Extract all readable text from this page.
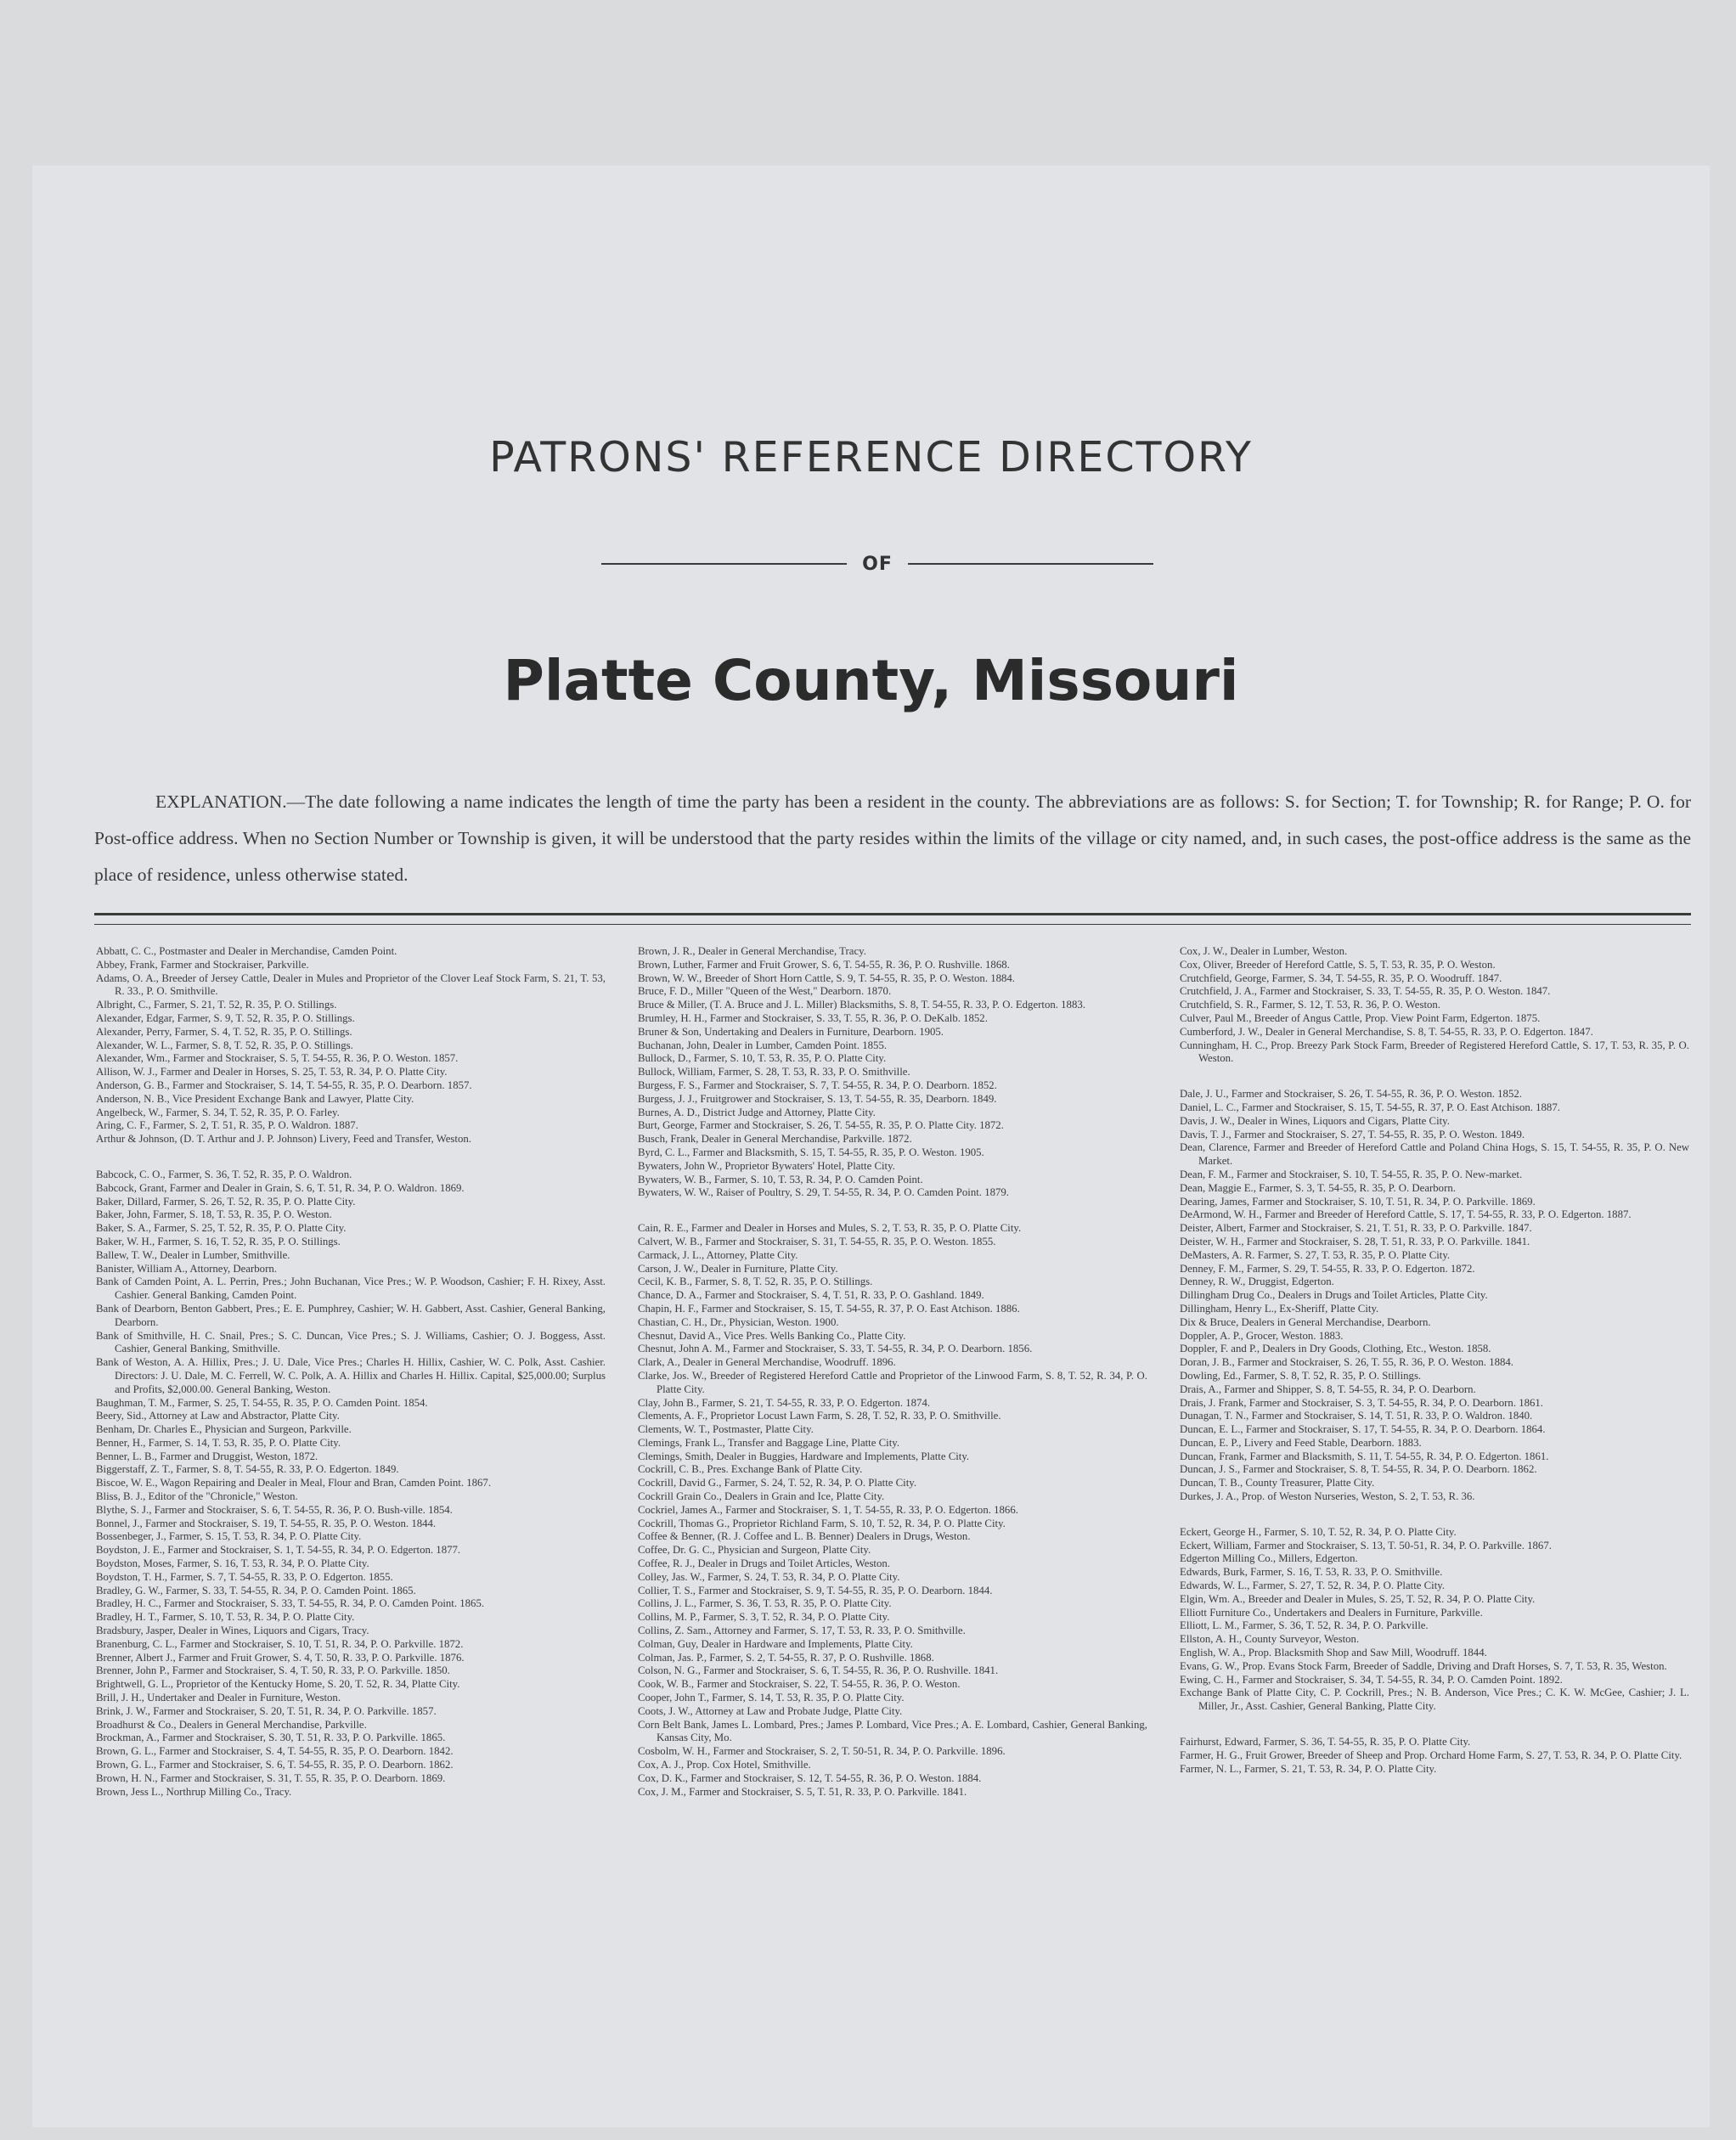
PATRONS' REFERENCE DIRECTORY
OF
Platte County, Missouri

EXPLANATION.—The date following a name indicates the length of time the party has been a resident in the county. The abbreviations are as follows: S. for Section; T. for Township; R. for Range; P. O. for Post-office address. When no Section Number or Township is given, it will be understood that the party resides within the limits of the village or city named, and, in such cases, the post-office address is the same as the place of residence, unless otherwise stated.

Abbatt, C. C., Postmaster and Dealer in Merchandise, Camden Point.
Abbey, Frank, Farmer and Stockraiser, Parkville.
Adams, O. A., Breeder of Jersey Cattle, Dealer in Mules and Proprietor of the Clover Leaf Stock Farm, S. 21, T. 53, R. 33., P. O. Smithville.
Albright, C., Farmer, S. 21, T. 52, R. 35, P. O. Stillings.
Alexander, Edgar, Farmer, S. 9, T. 52, R. 35, P. O. Stillings.
Alexander, Perry, Farmer, S. 4, T. 52, R. 35, P. O. Stillings.
Alexander, W. L., Farmer, S. 8, T. 52, R. 35, P. O. Stillings.
Alexander, Wm., Farmer and Stockraiser, S. 5, T. 54-55, R. 36, P. O. Weston. 1857.
Allison, W. J., Farmer and Dealer in Horses, S. 25, T. 53, R. 34, P. O. Platte City.
Anderson, G. B., Farmer and Stockraiser, S. 14, T. 54-55, R. 35, P. O. Dearborn. 1857.
Anderson, N. B., Vice President Exchange Bank and Lawyer, Platte City.
Angelbeck, W., Farmer, S. 34, T. 52, R. 35, P. O. Farley.
Aring, C. F., Farmer, S. 2, T. 51, R. 35, P. O. Waldron. 1887.
Arthur & Johnson, (D. T. Arthur and J. P. Johnson) Livery, Feed and Transfer, Weston.
Babcock, C. O., Farmer, S. 36, T. 52, R. 35, P. O. Waldron.
Babcock, Grant, Farmer and Dealer in Grain, S. 6, T. 51, R. 34, P. O. Waldron. 1869.
Baker, Dillard, Farmer, S. 26, T. 52, R. 35, P. O. Platte City.
Baker, John, Farmer, S. 18, T. 53, R. 35, P. O. Weston.
Baker, S. A., Farmer, S. 25, T. 52, R. 35, P. O. Platte City.
Baker, W. H., Farmer, S. 16, T. 52, R. 35, P. O. Stillings.
Ballew, T. W., Dealer in Lumber, Smithville.
Banister, William A., Attorney, Dearborn.
Bank of Camden Point, A. L. Perrin, Pres.; John Buchanan, Vice Pres.; W. P. Woodson, Cashier; F. H. Rixey, Asst. Cashier. General Banking, Camden Point.
Bank of Dearborn, Benton Gabbert, Pres.; E. E. Pumphrey, Cashier; W. H. Gabbert, Asst. Cashier, General Banking, Dearborn.
Bank of Smithville, H. C. Snail, Pres.; S. C. Duncan, Vice Pres.; S. J. Williams, Cashier; O. J. Boggess, Asst. Cashier, General Banking, Smithville.
Bank of Weston, A. A. Hillix, Pres.; J. U. Dale, Vice Pres.; Charles H. Hillix, Cashier, W. C. Polk, Asst. Cashier. Directors: J. U. Dale, M. C. Ferrell, W. C. Polk, A. A. Hillix and Charles H. Hillix. Capital, $25,000.00; Surplus and Profits, $2,000.00. General Banking, Weston.
Baughman, T. M., Farmer, S. 25, T. 54-55, R. 35, P. O. Camden Point. 1854.
Beery, Sid., Attorney at Law and Abstractor, Platte City.
Benham, Dr. Charles E., Physician and Surgeon, Parkville.
Benner, H., Farmer, S. 14, T. 53, R. 35, P. O. Platte City.
Benner, L. B., Farmer and Druggist, Weston, 1872.
Biggerstaff, Z. T., Farmer, S. 8, T. 54-55, R. 33, P. O. Edgerton. 1849.
Biscoe, W. E., Wagon Repairing and Dealer in Meal, Flour and Bran, Camden Point. 1867.
Bliss, B. J., Editor of the "Chronicle," Weston.
Blythe, S. J., Farmer and Stockraiser, S. 6, T. 54-55, R. 36, P. O. Bush-ville. 1854.
Bonnel, J., Farmer and Stockraiser, S. 19, T. 54-55, R. 35, P. O. Weston. 1844.
Bossenbeger, J., Farmer, S. 15, T. 53, R. 34, P. O. Platte City.
Boydston, J. E., Farmer and Stockraiser, S. 1, T. 54-55, R. 34, P. O. Edgerton. 1877.
Boydston, Moses, Farmer, S. 16, T. 53, R. 34, P. O. Platte City.
Boydston, T. H., Farmer, S. 7, T. 54-55, R. 33, P. O. Edgerton. 1855.
Bradley, G. W., Farmer, S. 33, T. 54-55, R. 34, P. O. Camden Point. 1865.
Bradley, H. C., Farmer and Stockraiser, S. 33, T. 54-55, R. 34, P. O. Camden Point. 1865.
Bradley, H. T., Farmer, S. 10, T. 53, R. 34, P. O. Platte City.
Bradsbury, Jasper, Dealer in Wines, Liquors and Cigars, Tracy.
Branenburg, C. L., Farmer and Stockraiser, S. 10, T. 51, R. 34, P. O. Parkville. 1872.
Brenner, Albert J., Farmer and Fruit Grower, S. 4, T. 50, R. 33, P. O. Parkville. 1876.
Brenner, John P., Farmer and Stockraiser, S. 4, T. 50, R. 33, P. O. Parkville. 1850.
Brightwell, G. L., Proprietor of the Kentucky Home, S. 20, T. 52, R. 34, Platte City.
Brill, J. H., Undertaker and Dealer in Furniture, Weston.
Brink, J. W., Farmer and Stockraiser, S. 20, T. 51, R. 34, P. O. Parkville. 1857.
Broadhurst & Co., Dealers in General Merchandise, Parkville.
Brockman, A., Farmer and Stockraiser, S. 30, T. 51, R. 33, P. O. Parkville. 1865.
Brown, G. L., Farmer and Stockraiser, S. 4, T. 54-55, R. 35, P. O. Dearborn. 1842.
Brown, G. L., Farmer and Stockraiser, S. 6, T. 54-55, R. 35, P. O. Dearborn. 1862.
Brown, H. N., Farmer and Stockraiser, S. 31, T. 55, R. 35, P. O. Dearborn. 1869.
Brown, Jess L., Northrup Milling Co., Tracy.
Brown, J. R., Dealer in General Merchandise, Tracy.
Brown, Luther, Farmer and Fruit Grower, S. 6, T. 54-55, R. 36, P. O. Rushville. 1868.
Brown, W. W., Breeder of Short Horn Cattle, S. 9, T. 54-55, R. 35, P. O. Weston. 1884.
Bruce, F. D., Miller "Queen of the West," Dearborn. 1870.
Bruce & Miller, (T. A. Bruce and J. L. Miller) Blacksmiths, S. 8, T. 54-55, R. 33, P. O. Edgerton. 1883.
Brumley, H. H., Farmer and Stockraiser, S. 33, T. 55, R. 36, P. O. DeKalb. 1852.
Bruner & Son, Undertaking and Dealers in Furniture, Dearborn. 1905.
Buchanan, John, Dealer in Lumber, Camden Point. 1855.
Bullock, D., Farmer, S. 10, T. 53, R. 35, P. O. Platte City.
Bullock, William, Farmer, S. 28, T. 53, R. 33, P. O. Smithville.
Burgess, F. S., Farmer and Stockraiser, S. 7, T. 54-55, R. 34, P. O. Dearborn. 1852.
Burgess, J. J., Fruitgrower and Stockraiser, S. 13, T. 54-55, R. 35, Dearborn. 1849.
Burnes, A. D., District Judge and Attorney, Platte City.
Burt, George, Farmer and Stockraiser, S. 26, T. 54-55, R. 35, P. O. Platte City. 1872.
Busch, Frank, Dealer in General Merchandise, Parkville. 1872.
Byrd, C. L., Farmer and Blacksmith, S. 15, T. 54-55, R. 35, P. O. Weston. 1905.
Bywaters, John W., Proprietor Bywaters' Hotel, Platte City.
Bywaters, W. B., Farmer, S. 10, T. 53, R. 34, P. O. Camden Point.
Bywaters, W. W., Raiser of Poultry, S. 29, T. 54-55, R. 34, P. O. Camden Point. 1879.
Cain, R. E., Farmer and Dealer in Horses and Mules, S. 2, T. 53, R. 35, P. O. Platte City.
Calvert, W. B., Farmer and Stockraiser, S. 31, T. 54-55, R. 35, P. O. Weston. 1855.
Carmack, J. L., Attorney, Platte City.
Carson, J. W., Dealer in Furniture, Platte City.
Cecil, K. B., Farmer, S. 8, T. 52, R. 35, P. O. Stillings.
Chance, D. A., Farmer and Stockraiser, S. 4, T. 51, R. 33, P. O. Gashland. 1849.
Chapin, H. F., Farmer and Stockraiser, S. 15, T. 54-55, R. 37, P. O. East Atchison. 1886.
Chastian, C. H., Dr., Physician, Weston. 1900.
Chesnut, David A., Vice Pres. Wells Banking Co., Platte City.
Chesnut, John A. M., Farmer and Stockraiser, S. 33, T. 54-55, R. 34, P. O. Dearborn. 1856.
Clark, A., Dealer in General Merchandise, Woodruff. 1896.
Clarke, Jos. W., Breeder of Registered Hereford Cattle and Proprietor of the Linwood Farm, S. 8, T. 52, R. 34, P. O. Platte City.
Clay, John B., Farmer, S. 21, T. 54-55, R. 33, P. O. Edgerton. 1874.
Clements, A. F., Proprietor Locust Lawn Farm, S. 28, T. 52, R. 33, P. O. Smithville.
Clements, W. T., Postmaster, Platte City.
Clemings, Frank L., Transfer and Baggage Line, Platte City.
Clemings, Smith, Dealer in Buggies, Hardware and Implements, Platte City.
Cockrill, C. B., Pres. Exchange Bank of Platte City.
Cockrill, David G., Farmer, S. 24, T. 52, R. 34, P. O. Platte City.
Cockrill Grain Co., Dealers in Grain and Ice, Platte City.
Cockriel, James A., Farmer and Stockraiser, S. 1, T. 54-55, R. 33, P. O. Edgerton. 1866.
Cockrill, Thomas G., Proprietor Richland Farm, S. 10, T. 52, R. 34, P. O. Platte City.
Coffee & Benner, (R. J. Coffee and L. B. Benner) Dealers in Drugs, Weston.
Coffee, Dr. G. C., Physician and Surgeon, Platte City.
Coffee, R. J., Dealer in Drugs and Toilet Articles, Weston.
Colley, Jas. W., Farmer, S. 24, T. 53, R. 34, P. O. Platte City.
Collier, T. S., Farmer and Stockraiser, S. 9, T. 54-55, R. 35, P. O. Dearborn. 1844.
Collins, J. L., Farmer, S. 36, T. 53, R. 35, P. O. Platte City.
Collins, M. P., Farmer, S. 3, T. 52, R. 34, P. O. Platte City.
Collins, Z. Sam., Attorney and Farmer, S. 17, T. 53, R. 33, P. O. Smithville.
Colman, Guy, Dealer in Hardware and Implements, Platte City.
Colman, Jas. P., Farmer, S. 2, T. 54-55, R. 37, P. O. Rushville. 1868.
Colson, N. G., Farmer and Stockraiser, S. 6, T. 54-55, R. 36, P. O. Rushville. 1841.
Cook, W. B., Farmer and Stockraiser, S. 22, T. 54-55, R. 36, P. O. Weston.
Cooper, John T., Farmer, S. 14, T. 53, R. 35, P. O. Platte City.
Coots, J. W., Attorney at Law and Probate Judge, Platte City.
Corn Belt Bank, James L. Lombard, Pres.; James P. Lombard, Vice Pres.; A. E. Lombard, Cashier, General Banking, Kansas City, Mo.
Cosbolm, W. H., Farmer and Stockraiser, S. 2, T. 50-51, R. 34, P. O. Parkville. 1896.
Cox, A. J., Prop. Cox Hotel, Smithville.
Cox, D. K., Farmer and Stockraiser, S. 12, T. 54-55, R. 36, P. O. Weston. 1884.
Cox, J. M., Farmer and Stockraiser, S. 5, T. 51, R. 33, P. O. Parkville. 1841.
Cox, J. W., Dealer in Lumber, Weston.
Cox, Oliver, Breeder of Hereford Cattle, S. 5, T. 53, R. 35, P. O. Weston.
Crutchfield, George, Farmer, S. 34, T. 54-55, R. 35, P. O. Woodruff. 1847.
Crutchfield, J. A., Farmer and Stockraiser, S. 33, T. 54-55, R. 35, P. O. Weston. 1847.
Crutchfield, S. R., Farmer, S. 12, T. 53, R. 36, P. O. Weston.
Culver, Paul M., Breeder of Angus Cattle, Prop. View Point Farm, Edgerton. 1875.
Cumberford, J. W., Dealer in General Merchandise, S. 8, T. 54-55, R. 33, P. O. Edgerton. 1847.
Cunningham, H. C., Prop. Breezy Park Stock Farm, Breeder of Registered Hereford Cattle, S. 17, T. 53, R. 35, P. O. Weston.
Dale, J. U., Farmer and Stockraiser, S. 26, T. 54-55, R. 36, P. O. Weston. 1852.
Daniel, L. C., Farmer and Stockraiser, S. 15, T. 54-55, R. 37, P. O. East Atchison. 1887.
Davis, J. W., Dealer in Wines, Liquors and Cigars, Platte City.
Davis, T. J., Farmer and Stockraiser, S. 27, T. 54-55, R. 35, P. O. Weston. 1849.
Dean, Clarence, Farmer and Breeder of Hereford Cattle and Poland China Hogs, S. 15, T. 54-55, R. 35, P. O. New Market.
Dean, F. M., Farmer and Stockraiser, S. 10, T. 54-55, R. 35, P. O. New-market.
Dean, Maggie E., Farmer, S. 3, T. 54-55, R. 35, P. O. Dearborn.
Dearing, James, Farmer and Stockraiser, S. 10, T. 51, R. 34, P. O. Parkville. 1869.
DeArmond, W. H., Farmer and Breeder of Hereford Cattle, S. 17, T. 54-55, R. 33, P. O. Edgerton. 1887.
Deister, Albert, Farmer and Stockraiser, S. 21, T. 51, R. 33, P. O. Parkville. 1847.
Deister, W. H., Farmer and Stockraiser, S. 28, T. 51, R. 33, P. O. Parkville. 1841.
DeMasters, A. R. Farmer, S. 27, T. 53, R. 35, P. O. Platte City.
Denney, F. M., Farmer, S. 29, T. 54-55, R. 33, P. O. Edgerton. 1872.
Denney, R. W., Druggist, Edgerton.
Dillingham Drug Co., Dealers in Drugs and Toilet Articles, Platte City.
Dillingham, Henry L., Ex-Sheriff, Platte City.
Dix & Bruce, Dealers in General Merchandise, Dearborn.
Doppler, A. P., Grocer, Weston. 1883.
Doppler, F. and P., Dealers in Dry Goods, Clothing, Etc., Weston. 1858.
Doran, J. B., Farmer and Stockraiser, S. 26, T. 55, R. 36, P. O. Weston. 1884.
Dowling, Ed., Farmer, S. 8, T. 52, R. 35, P. O. Stillings.
Drais, A., Farmer and Shipper, S. 8, T. 54-55, R. 34, P. O. Dearborn.
Drais, J. Frank, Farmer and Stockraiser, S. 3, T. 54-55, R. 34, P. O. Dearborn. 1861.
Dunagan, T. N., Farmer and Stockraiser, S. 14, T. 51, R. 33, P. O. Waldron. 1840.
Duncan, E. L., Farmer and Stockraiser, S. 17, T. 54-55, R. 34, P. O. Dearborn. 1864.
Duncan, E. P., Livery and Feed Stable, Dearborn. 1883.
Duncan, Frank, Farmer and Blacksmith, S. 11, T. 54-55, R. 34, P. O. Edgerton. 1861.
Duncan, J. S., Farmer and Stockraiser, S. 8, T. 54-55, R. 34, P. O. Dearborn. 1862.
Duncan, T. B., County Treasurer, Platte City.
Durkes, J. A., Prop. of Weston Nurseries, Weston, S. 2, T. 53, R. 36.
Eckert, George H., Farmer, S. 10, T. 52, R. 34, P. O. Platte City.
Eckert, William, Farmer and Stockraiser, S. 13, T. 50-51, R. 34, P. O. Parkville. 1867.
Edgerton Milling Co., Millers, Edgerton.
Edwards, Burk, Farmer, S. 16, T. 53, R. 33, P. O. Smithville.
Edwards, W. L., Farmer, S. 27, T. 52, R. 34, P. O. Platte City.
Elgin, Wm. A., Breeder and Dealer in Mules, S. 25, T. 52, R. 34, P. O. Platte City.
Elliott Furniture Co., Undertakers and Dealers in Furniture, Parkville.
Elliott, L. M., Farmer, S. 36, T. 52, R. 34, P. O. Parkville.
Ellston, A. H., County Surveyor, Weston.
English, W. A., Prop. Blacksmith Shop and Saw Mill, Woodruff. 1844.
Evans, G. W., Prop. Evans Stock Farm, Breeder of Saddle, Driving and Draft Horses, S. 7, T. 53, R. 35, Weston.
Ewing, C. H., Farmer and Stockraiser, S. 34, T. 54-55, R. 34, P. O. Camden Point. 1892.
Exchange Bank of Platte City, C. P. Cockrill, Pres.; N. B. Anderson, Vice Pres.; C. K. W. McGee, Cashier; J. L. Miller, Jr., Asst. Cashier, General Banking, Platte City.
Fairhurst, Edward, Farmer, S. 36, T. 54-55, R. 35, P. O. Platte City.
Farmer, H. G., Fruit Grower, Breeder of Sheep and Prop. Orchard Home Farm, S. 27, T. 53, R. 34, P. O. Platte City.
Farmer, N. L., Farmer, S. 21, T. 53, R. 34, P. O. Platte City.
